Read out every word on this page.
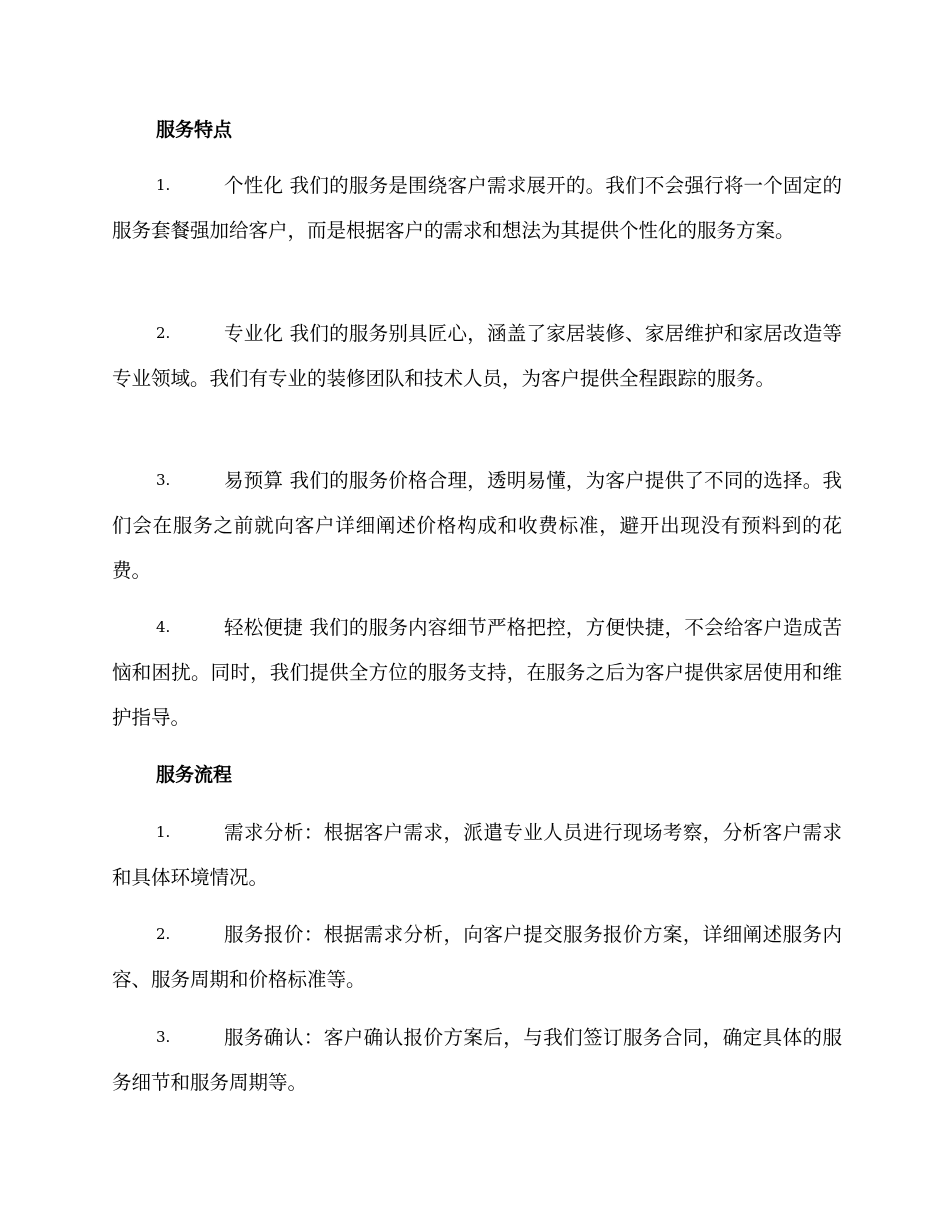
服务特点
1.	个性化 我们的服务是围绕客户需求展开的。我们不会强行将一个固定的服务套餐强加给客户，而是根据客户的需求和想法为其提供个性化的服务方案。
2.	专业化 我们的服务别具匠心，涵盖了家居装修、家居维护和家居改造等专业领域。我们有专业的装修团队和技术人员，为客户提供全程跟踪的服务。
3.	易预算 我们的服务价格合理，透明易懂，为客户提供了不同的选择。我们会在服务之前就向客户详细阐述价格构成和收费标准，避开出现没有预料到的花费。
4.	轻松便捷 我们的服务内容细节严格把控，方便快捷，不会给客户造成苦恼和困扰。同时，我们提供全方位的服务支持，在服务之后为客户提供家居使用和维护指导。
服务流程
1.	需求分析：根据客户需求，派遣专业人员进行现场考察，分析客户需求和具体环境情况。
2.	服务报价：根据需求分析，向客户提交服务报价方案，详细阐述服务内容、服务周期和价格标准等。
3.	服务确认：客户确认报价方案后，与我们签订服务合同，确定具体的服务细节和服务周期等。
